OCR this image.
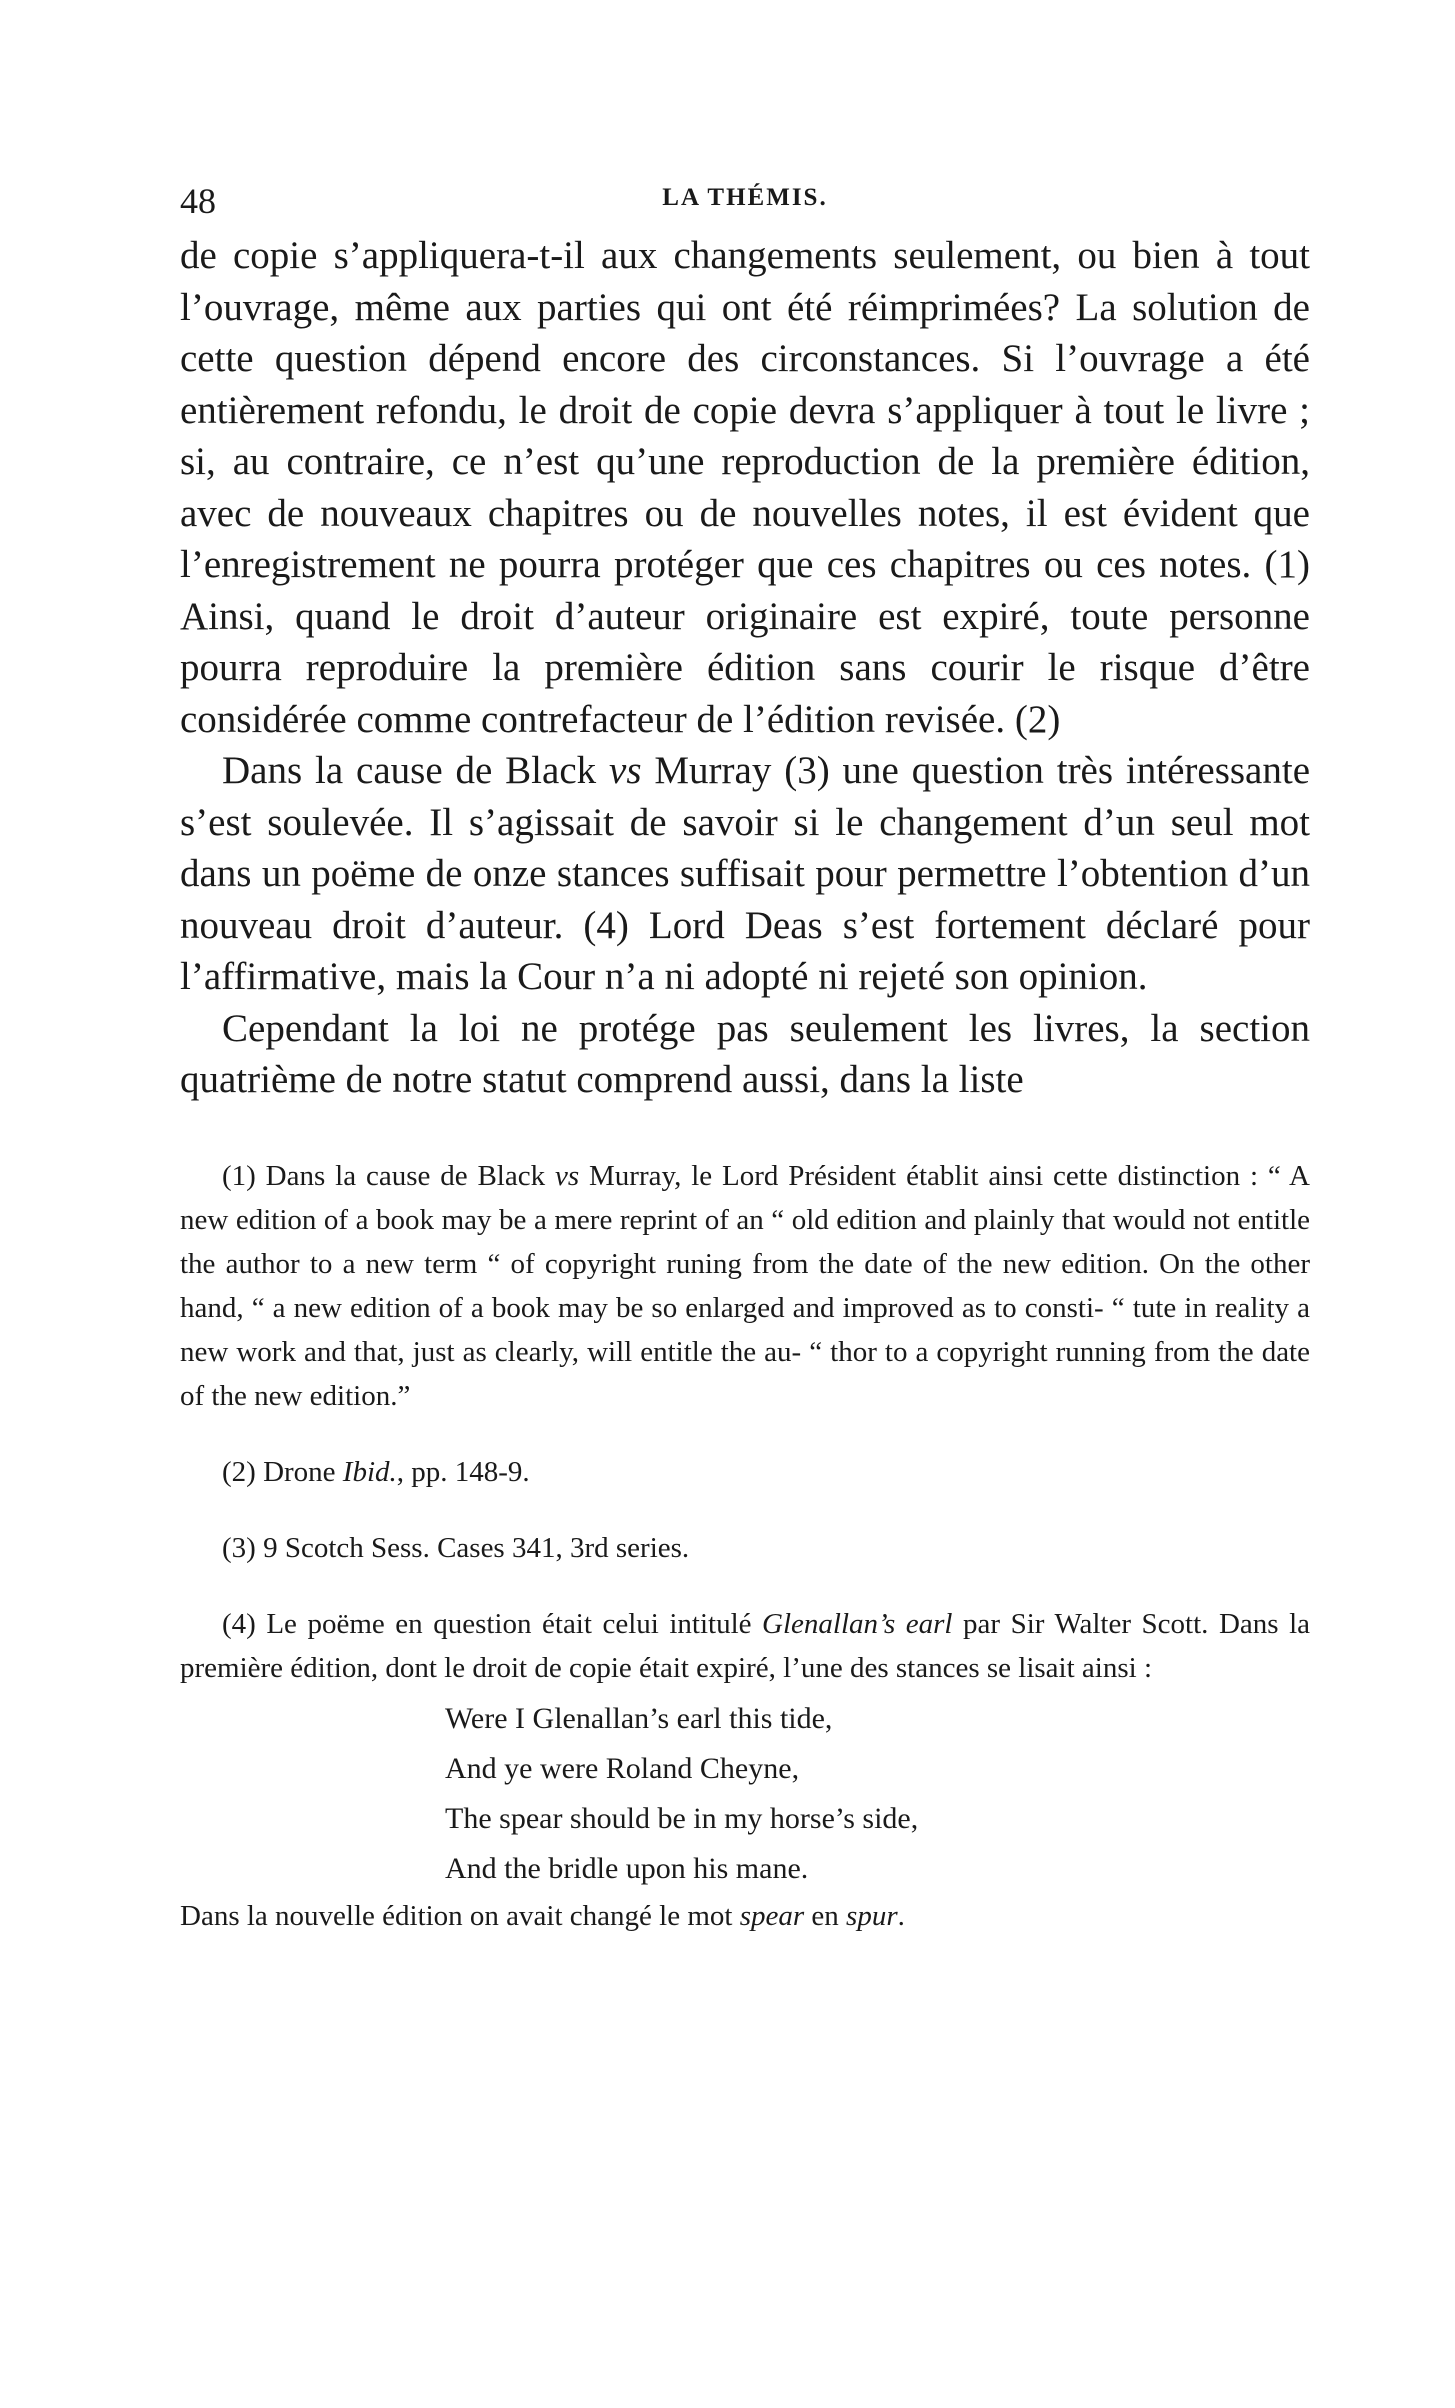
48	LA THÉMIS.

de copie s’appliquera-t-il aux changements seulement, ou bien à tout l’ouvrage, même aux parties qui ont été réimprimées? La solution de cette question dépend encore des circonstances. Si l’ouvrage a été entièrement refondu, le droit de copie devra s’appliquer à tout le livre ; si, au contraire, ce n’est qu’une reproduction de la première édition, avec de nouveaux chapitres ou de nouvelles notes, il est évident que l’enregistrement ne pourra protéger que ces chapitres ou ces notes. (1) Ainsi, quand le droit d’auteur originaire est expiré, toute personne pourra reproduire la première édition sans courir le risque d’être considérée comme contrefacteur de l’édition revisée. (2)

Dans la cause de Black vs Murray (3) une question très intéressante s’est soulevée. Il s’agissait de savoir si le changement d’un seul mot dans un poëme de onze stances suffisait pour permettre l’obtention d’un nouveau droit d’auteur. (4) Lord Deas s’est fortement déclaré pour l’affirmative, mais la Cour n’a ni adopté ni rejeté son opinion.

Cependant la loi ne protége pas seulement les livres, la section quatrième de notre statut comprend aussi, dans la liste

(1) Dans la cause de Black vs Murray, le Lord Président établit ainsi cette distinction : “ A new edition of a book may be a mere reprint of an “ old edition and plainly that would not entitle the author to a new term “ of copyright runing from the date of the new edition. On the other hand, “ a new edition of a book may be so enlarged and improved as to consti- “ tute in reality a new work and that, just as clearly, will entitle the au- “ thor to a copyright running from the date of the new edition.”

(2) Drone Ibid., pp. 148-9.

(3) 9 Scotch Sess. Cases 341, 3rd series.

(4) Le poëme en question était celui intitulé Glenallan’s earl par Sir Walter Scott. Dans la première édition, dont le droit de copie était expiré, l’une des stances se lisait ainsi :

Were I Glenallan’s earl this tide,
And ye were Roland Cheyne,
The spear should be in my horse’s side,
And the bridle upon his mane.

Dans la nouvelle édition on avait changé le mot spear en spur.
